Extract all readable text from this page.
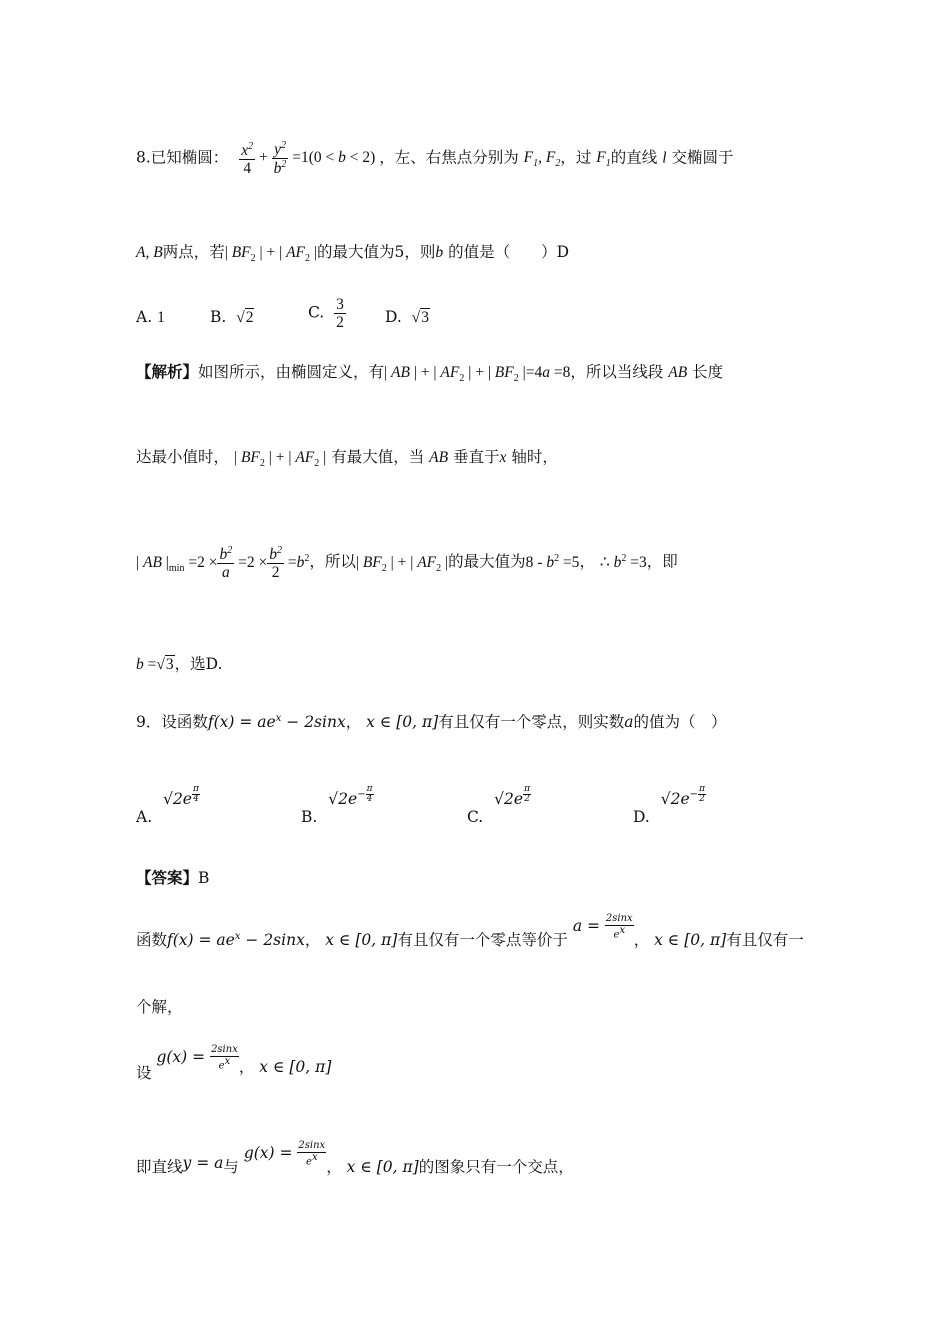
8.已知椭圆： $\frac{x^2}{4} + \frac{y^2}{b^2} =1(0 < b < 2)$ ，左、右焦点分别为 $F_1$, $F_2$，过 $F_1$的直线 l 交椭圆于
A, B两点，若| $BF_2$ | + | $AF_2$ |的最大值为5，则b 的值是（　　）D
A. 1	B. √2	C. $\frac{3}{2}$	D. √3
【解析】如图所示，由椭圆定义，有| AB | + | $AF_2$ | + | $BF_2$ |=4a =8，所以当线段 AB 长度
达最小值时， | $BF_2$ | + | $AF_2$ | 有最大值，当 AB 垂直于x 轴时，
| AB $|_{min} =2 \times \frac{b^2}{a} =2 \times \frac{b^2}{2} =b^2$，所以| $BF_2$ | + | $AF_2$ |的最大值为$8 - b^2 =5$， ∴ $b^2 =3$，即
b =√3，选D.
9．设函数$f(x) = ae^x - 2\sin x$， x ∈ [0, π]有且仅有一个零点，则实数a的值为（　）
A. √2e $^{\frac{\pi}{4}}$
B. $√2e^{- \frac{\pi}{4}}$
C. √2e $^{\frac{\pi}{2}}$
D. $√2e^{- \frac{\pi}{2}}$
【答案】B
函数$f(x) = ae^x - 2\sin x$， x ∈ [0, π]有且仅有一个零点等价于 $a = \frac{2\sin x}{e^x}$ ， x ∈ [0, π]有且仅有一
个解，
设 $g(x) = \frac{2\sin x}{e^x}$ ， x ∈ [0, π]
即直线y = a与 $g(x) = \frac{2\sin x}{e^x}$ ， x ∈ [0, π]的图象只有一个交点，
